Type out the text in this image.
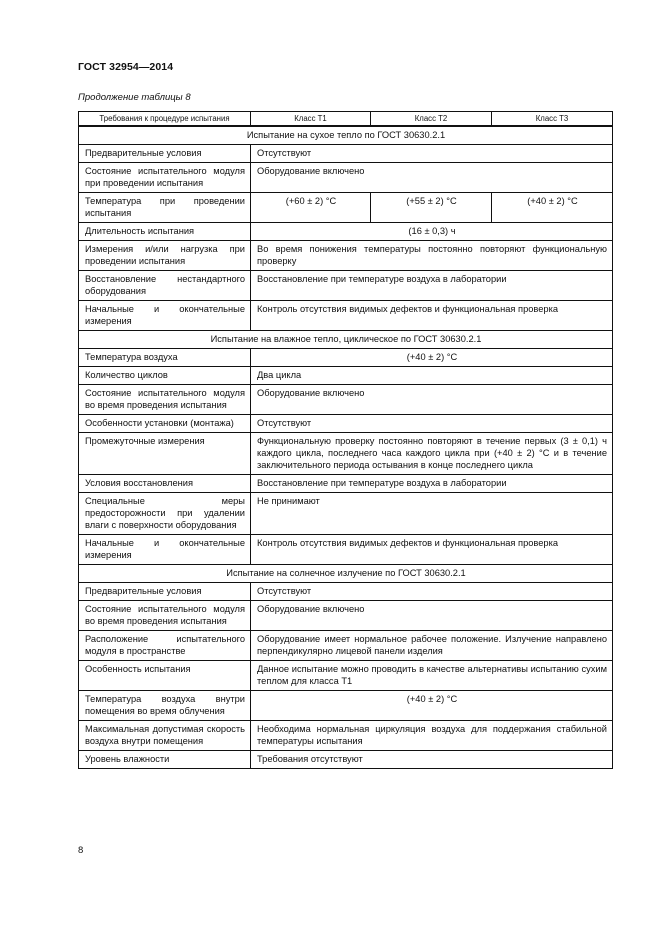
ГОСТ 32954—2014
Продолжение таблицы 8
Требования к процедуре испытания	Класс Т1	Класс Т2	Класс Т3
Испытание на сухое тепло по ГОСТ 30630.2.1			
Предварительные условия	Отсутствуют		
Состояние испытательного модуля при проведении испытания	Оборудование включено		
Температура при проведении испытания	(+60 ± 2) °С	(+55 ± 2) °С	(+40 ± 2) °С
Длительность испытания	(16 ± 0,3) ч		
Измерения и/или нагрузка при проведении испытания	Во время понижения температуры постоянно повторяют функциональную проверку		
Восстановление нестандартного оборудования	Восстановление при температуре воздуха в лаборатории		
Начальные и окончательные измерения	Контроль отсутствия видимых дефектов и функциональная проверка		
Испытание на влажное тепло, циклическое по ГОСТ 30630.2.1			
Температура воздуха	(+40 ± 2) °С		
Количество циклов	Два цикла		
Состояние испытательного модуля во время проведения испытания	Оборудование включено		
Особенности установки (монтажа)	Отсутствуют		
Промежуточные измерения	Функциональную проверку постоянно повторяют в течение первых (3 ± 0,1) ч каждого цикла, последнего часа каждого цикла при (+40 ± 2) °С и в течение заключительного периода остывания в конце последнего цикла		
Условия восстановления	Восстановление при температуре воздуха в лаборатории		
Специальные меры предосторожности при удалении влаги с поверхности оборудования	Не принимают		
Начальные и окончательные измерения	Контроль отсутствия видимых дефектов и функциональная проверка		
Испытание на солнечное излучение по ГОСТ 30630.2.1			
Предварительные условия	Отсутствуют		
Состояние испытательного модуля во время проведения испытания	Оборудование включено		
Расположение испытательного модуля в пространстве	Оборудование имеет нормальное рабочее положение. Излучение направлено перпендикулярно лицевой панели изделия		
Особенность испытания	Данное испытание можно проводить в качестве альтернативы испытанию сухим теплом для класса Т1		
Температура воздуха внутри помещения во время облучения	(+40 ± 2) °С		
Максимальная допустимая скорость воздуха внутри помещения	Необходима нормальная циркуляция воздуха для поддержания стабильной температуры испытания		
Уровень влажности	Требования отсутствуют		
8
